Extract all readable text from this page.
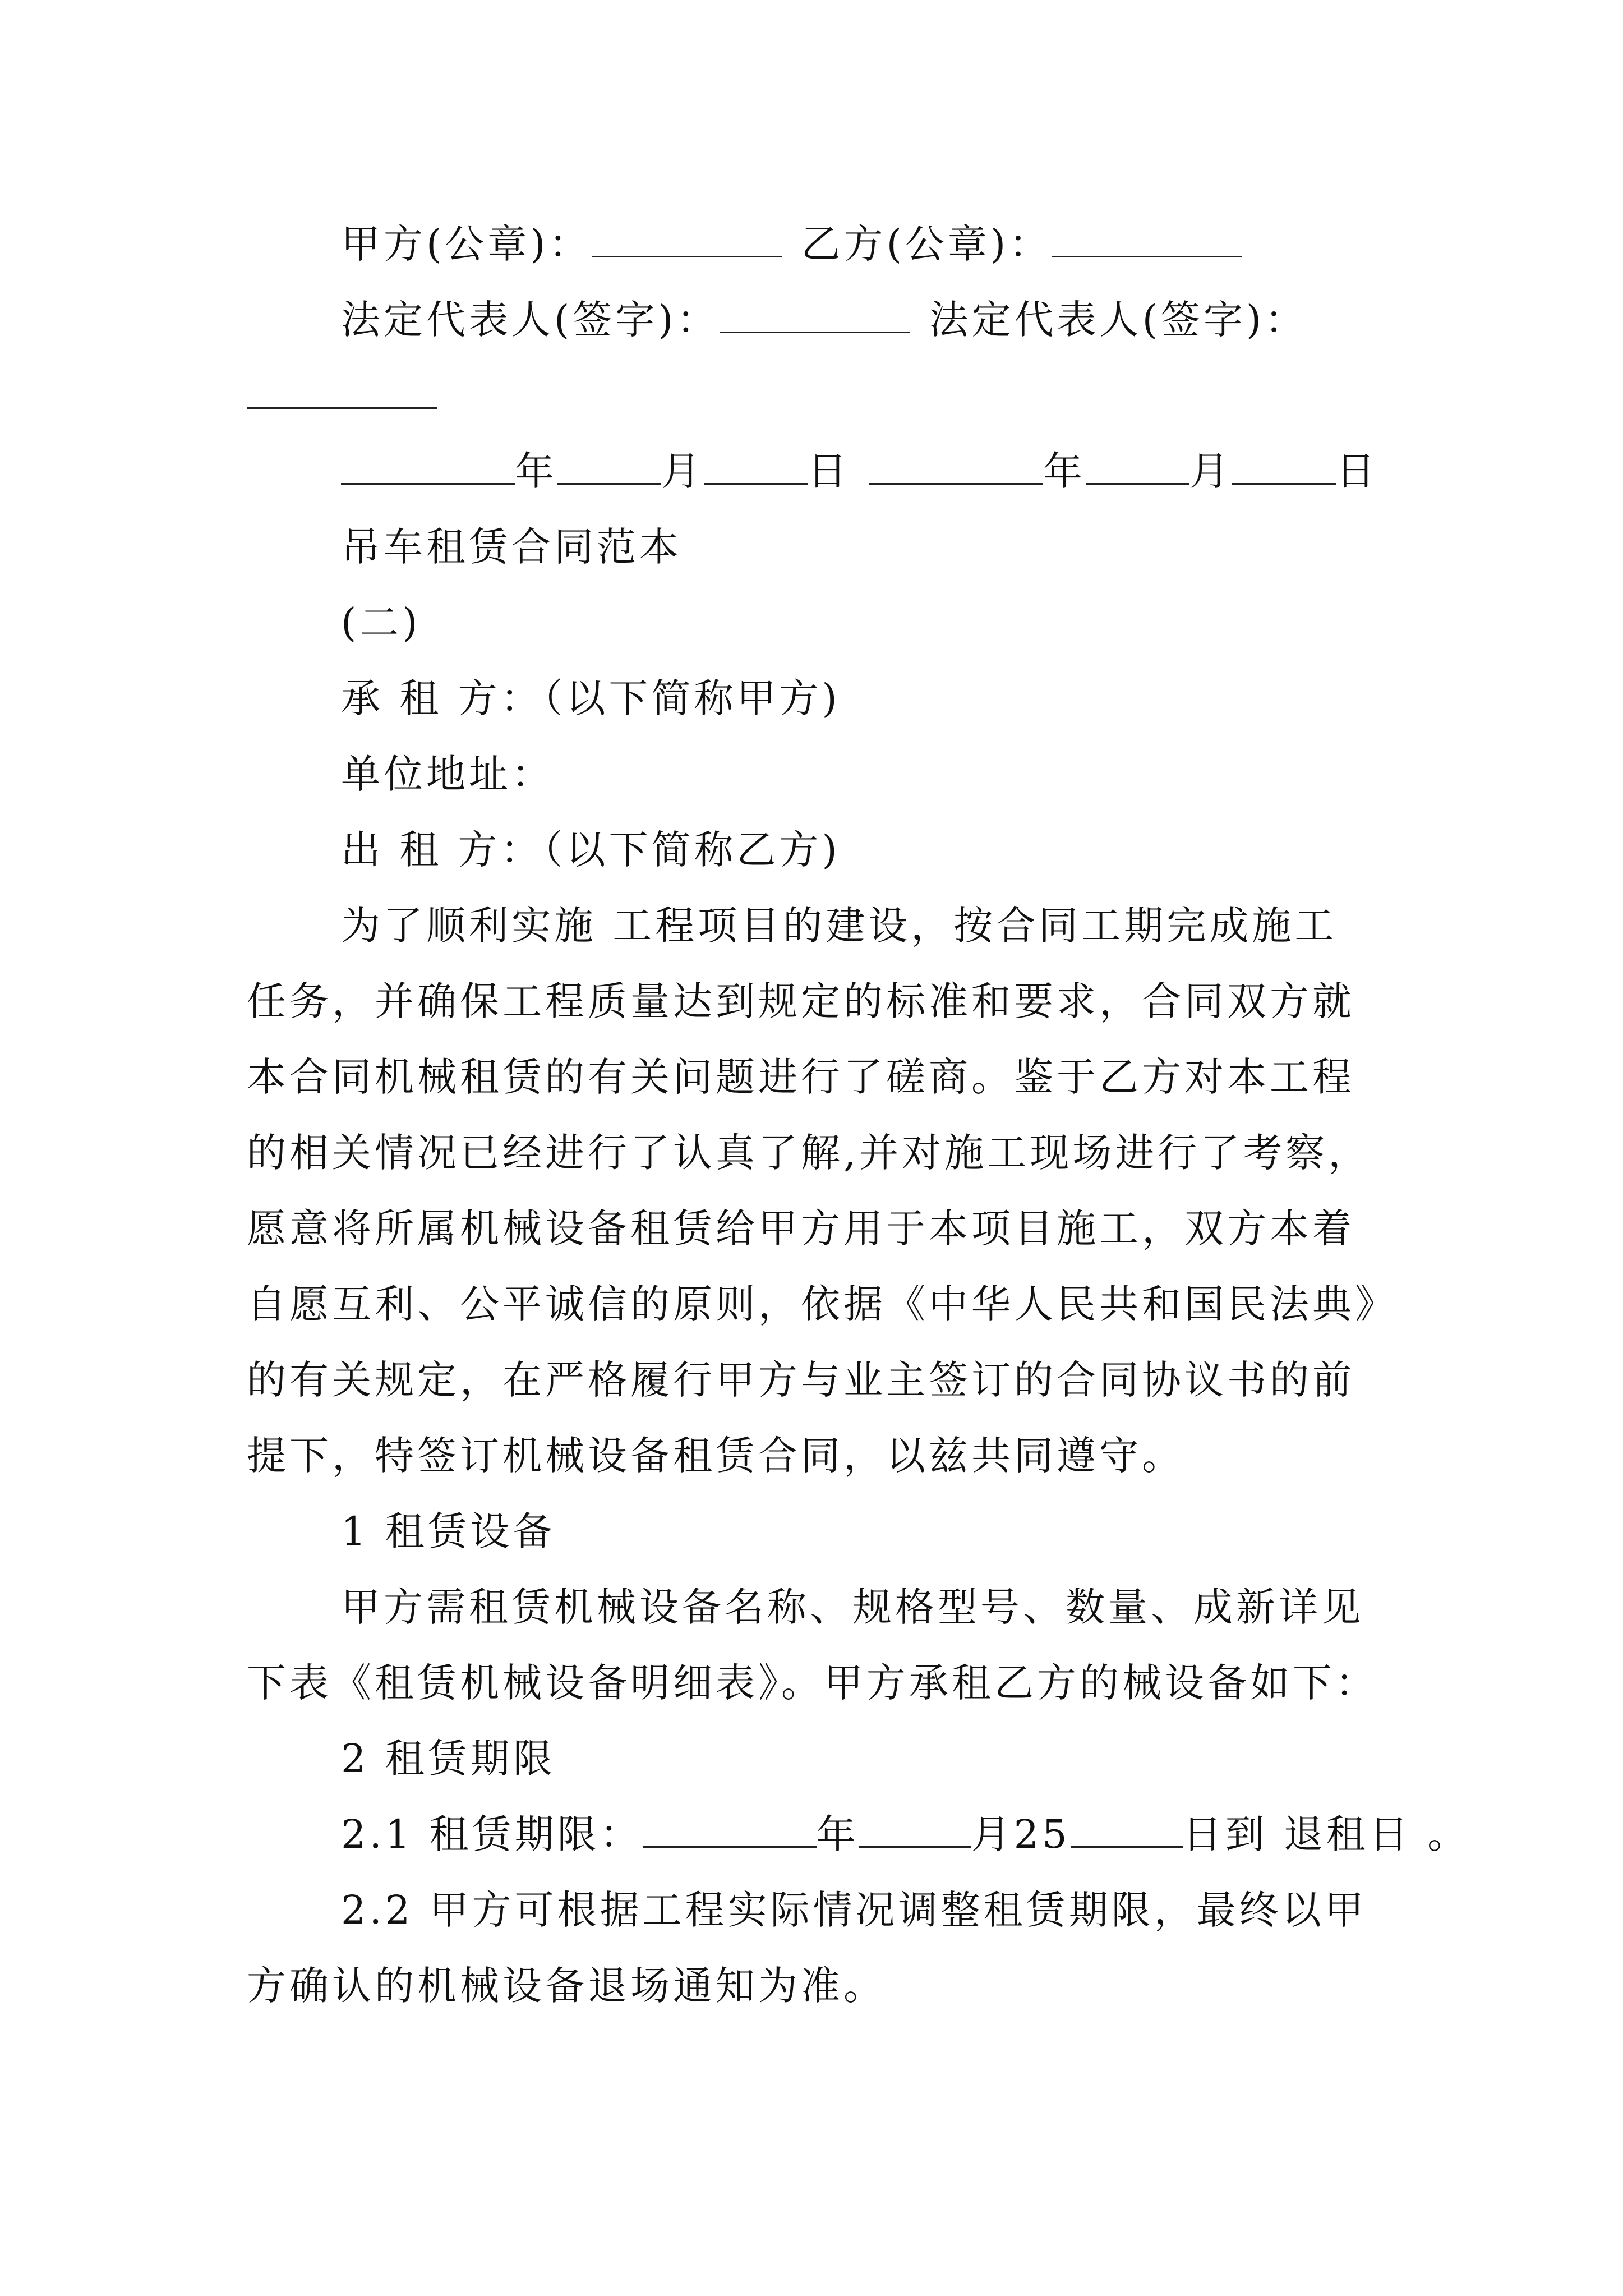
甲方(公章)：	乙方(公章)：
法定代表人(签字)：	法定代表人(签字)：
年	月	日	年	月	日
吊车租赁合同范本
(二)
承 租 方：（以下简称甲方)
单位地址：
出 租 方：（以下简称乙方)
为了顺利实施 工程项目的建设，按合同工期完成施工
任务，并确保工程质量达到规定的标准和要求，合同双方就
本合同机械租赁的有关问题进行了磋商。鉴于乙方对本工程
的相关情况已经进行了认真了解,并对施工现场进行了考察，
愿意将所属机械设备租赁给甲方用于本项目施工，双方本着
自愿互利、公平诚信的原则，依据《中华人民共和国民法典》
的有关规定，在严格履行甲方与业主签订的合同协议书的前
提下，特签订机械设备租赁合同，以兹共同遵守。
1 租赁设备
甲方需租赁机械设备名称、规格型号、数量、成新详见
下表《租赁机械设备明细表》。甲方承租乙方的械设备如下：
2 租赁期限
2.1 租赁期限：	年	月25	日到 退租日 。
2.2 甲方可根据工程实际情况调整租赁期限，最终以甲
方确认的机械设备退场通知为准。
